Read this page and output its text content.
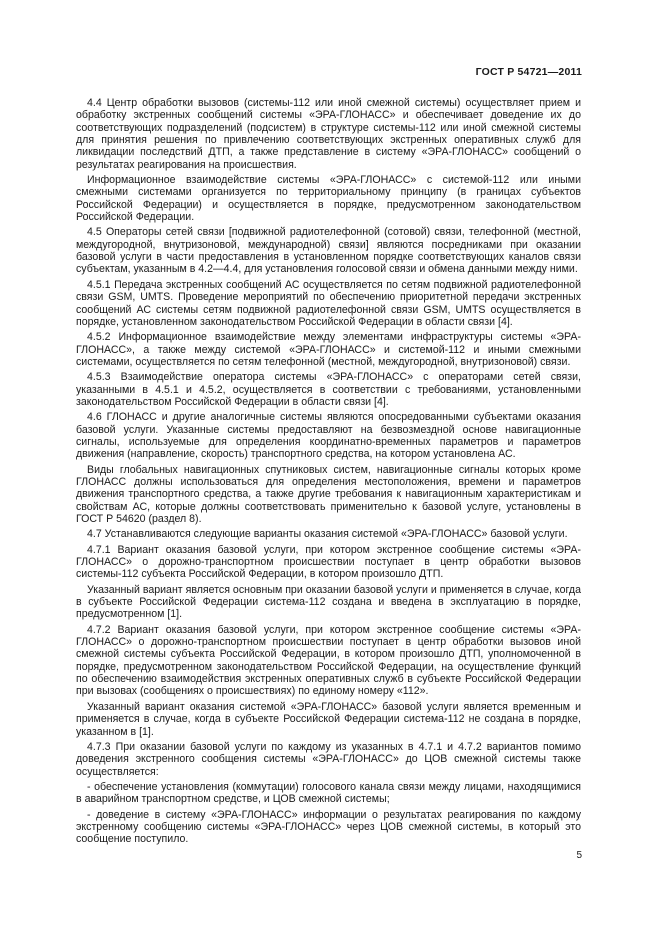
ГОСТ Р 54721—2011

4.4 Центр обработки вызовов (системы-112 или иной смежной системы) осуществляет прием и обработку экстренных сообщений системы «ЭРА-ГЛОНАСС» и обеспечивает доведение их до соответствующих подразделений (подсистем) в структуре системы-112 или иной смежной системы для принятия решения по привлечению соответствующих экстренных оперативных служб для ликвидации последствий ДТП, а также представление в систему «ЭРА-ГЛОНАСС» сообщений о результатах реагирования на происшествия.

Информационное взаимодействие системы «ЭРА-ГЛОНАСС» с системой-112 или иными смежными системами организуется по территориальному принципу (в границах субъектов Российской Федерации) и осуществляется в порядке, предусмотренном законодательством Российской Федерации.

4.5 Операторы сетей связи [подвижной радиотелефонной (сотовой) связи, телефонной (местной, междугородной, внутризоновой, международной) связи] являются посредниками при оказании базовой услуги в части предоставления в установленном порядке соответствующих каналов связи субъектам, указанным в 4.2—4.4, для установления голосовой связи и обмена данными между ними.

4.5.1 Передача экстренных сообщений АС осуществляется по сетям подвижной радиотелефонной связи GSM, UMTS. Проведение мероприятий по обеспечению приоритетной передачи экстренных сообщений АС системы сетям подвижной радиотелефонной связи GSM, UMTS осуществляется в порядке, установленном законодательством Российской Федерации в области связи [4].

4.5.2 Информационное взаимодействие между элементами инфраструктуры системы «ЭРА-ГЛОНАСС», а также между системой «ЭРА-ГЛОНАСС» и системой-112 и иными смежными системами, осуществляется по сетям телефонной (местной, междугородной, внутризоновой) связи.

4.5.3 Взаимодействие оператора системы «ЭРА-ГЛОНАСС» с операторами сетей связи, указанными в 4.5.1 и 4.5.2, осуществляется в соответствии с требованиями, установленными законодательством Российской Федерации в области связи [4].

4.6 ГЛОНАСС и другие аналогичные системы являются опосредованными субъектами оказания базовой услуги. Указанные системы предоставляют на безвозмездной основе навигационные сигналы, используемые для определения координатно-временных параметров и параметров движения (направление, скорость) транспортного средства, на котором установлена АС.

Виды глобальных навигационных спутниковых систем, навигационные сигналы которых кроме ГЛОНАСС должны использоваться для определения местоположения, времени и параметров движения транспортного средства, а также другие требования к навигационным характеристикам и свойствам АС, которые должны соответствовать применительно к базовой услуге, установлены в ГОСТ Р 54620 (раздел 8).

4.7 Устанавливаются следующие варианты оказания системой «ЭРА-ГЛОНАСС» базовой услуги.

4.7.1 Вариант оказания базовой услуги, при котором экстренное сообщение системы «ЭРА-ГЛОНАСС» о дорожно-транспортном происшествии поступает в центр обработки вызовов системы-112 субъекта Российской Федерации, в котором произошло ДТП.

Указанный вариант является основным при оказании базовой услуги и применяется в случае, когда в субъекте Российской Федерации система-112 создана и введена в эксплуатацию в порядке, предусмотренном [1].

4.7.2 Вариант оказания базовой услуги, при котором экстренное сообщение системы «ЭРА-ГЛОНАСС» о дорожно-транспортном происшествии поступает в центр обработки вызовов иной смежной системы субъекта Российской Федерации, в котором произошло ДТП, уполномоченной в порядке, предусмотренном законодательством Российской Федерации, на осуществление функций по обеспечению взаимодействия экстренных оперативных служб в субъекте Российской Федерации при вызовах (сообщениях о происшествиях) по единому номеру «112».

Указанный вариант оказания системой «ЭРА-ГЛОНАСС» базовой услуги является временным и применяется в случае, когда в субъекте Российской Федерации система-112 не создана в порядке, указанном в [1].

4.7.3 При оказании базовой услуги по каждому из указанных в 4.7.1 и 4.7.2 вариантов помимо доведения экстренного сообщения системы «ЭРА-ГЛОНАСС» до ЦОВ смежной системы также осуществляется:

- обеспечение установления (коммутации) голосового канала связи между лицами, находящимися в аварийном транспортном средстве, и ЦОВ смежной системы;

- доведение в систему «ЭРА-ГЛОНАСС» информации о результатах реагирования по каждому экстренному сообщению системы «ЭРА-ГЛОНАСС» через ЦОВ смежной системы, в который это сообщение поступило.

5
